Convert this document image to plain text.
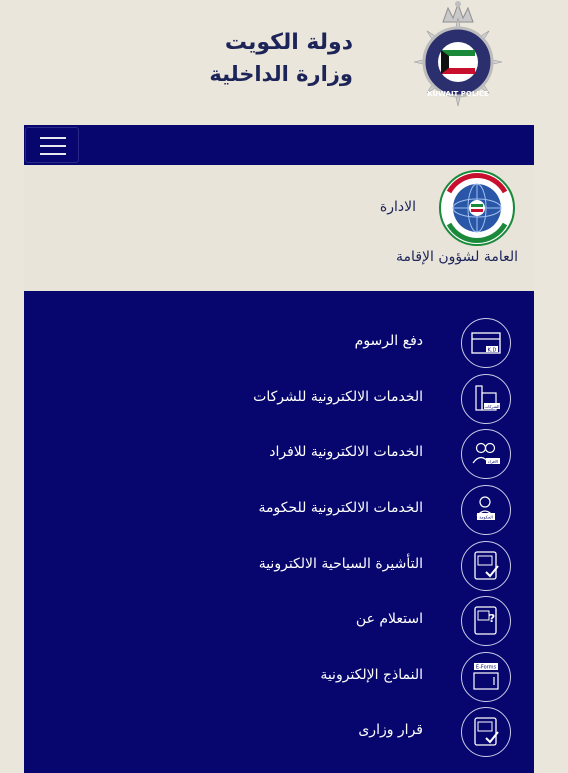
دولة الكويت
وزارة الداخلية
KUWAIT POLICE
الادارة
العامة لشؤون الإقامة
K.D
دفع الرسوم
الشركات
الخدمات الالكترونية للشركات
الافراد
الخدمات الالكترونية للافراد
الحكومة
الخدمات الالكترونية للحكومة
التأشيرة السياحية الالكترونية
?
استعلام عن
E-Forms
النماذج الإلكترونية
قرار وزارى
